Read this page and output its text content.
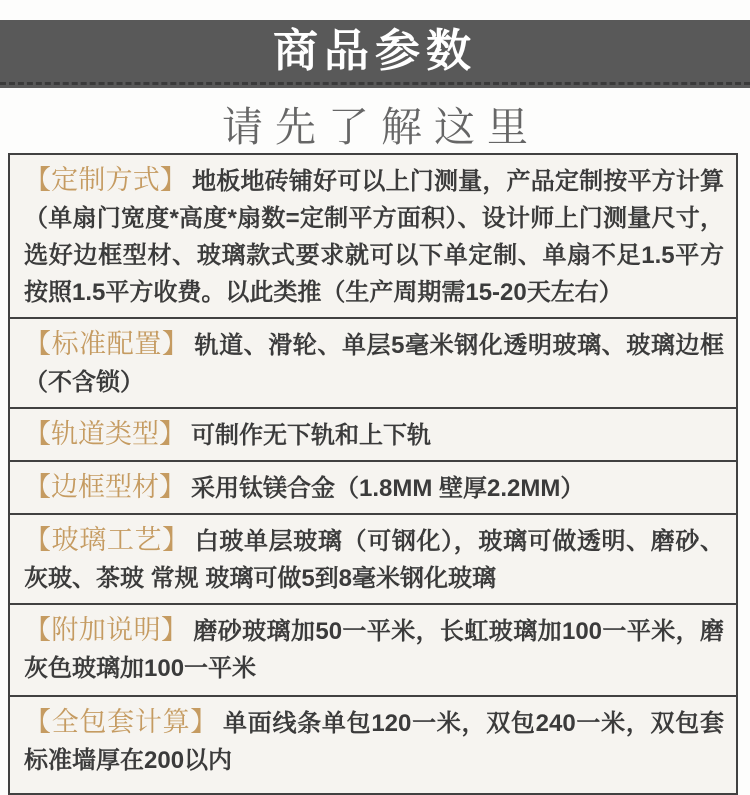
商品参数
请先了解这里
【定制方式】 地板地砖铺好可以上门测量，产品定制按平方计算（单扇门宽度*高度*扇数=定制平方面积）、设计师上门测量尺寸，选好边框型材、玻璃款式要求就可以下单定制、单扇不足1.5平方按照1.5平方收费。以此类推（生产周期需15-20天左右）
【标准配置】 轨道、滑轮、单层5毫米钢化透明玻璃、玻璃边框（不含锁）
【轨道类型】 可制作无下轨和上下轨
【边框型材】 采用钛镁合金（1.8MM 壁厚2.2MM）
【玻璃工艺】 白玻单层玻璃（可钢化），玻璃可做透明、磨砂、灰玻、茶玻 常规 玻璃可做5到8毫米钢化玻璃
【附加说明】 磨砂玻璃加50一平米，长虹玻璃加100一平米，磨灰色玻璃加100一平米
【全包套计算】 单面线条单包120一米，双包240一米，双包套标准墙厚在200以内
